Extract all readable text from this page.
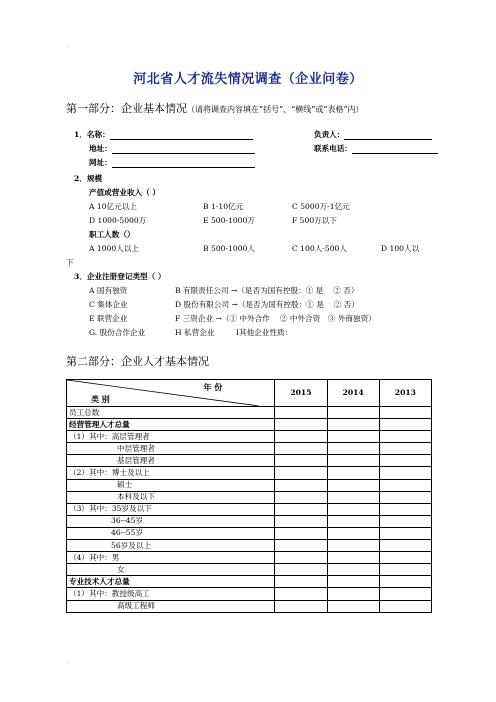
.
河北省人才流失情况调查（企业问卷）
第一部分：企业基本情况（请将调查内容填在“括号”、“横线”或“表格”内）
1．名称：	负责人：
地址：	联系电话：
网址：
2．规模
产值或营业收入（ ）
A 10亿元以上	B 1-10亿元	C 5000万-1亿元
D 1000-5000万	E 500-1000万	F 500万以下
职工人数（）
A 1000人以上	B 500-1000人	C 100人-500人	D 100人以
下
3．企业注册登记类型（ ）
A 国有独资	B 有限责任公司 →（是否为国有控股：① 是　 ② 否）
C 集体企业	D 股份有限公司 →（是否为国有控股：① 是　 ② 否）
E 联营企业	F 三资企业 →（① 中外合作　 ② 中外合资　③ 外商独资）
G. 股份合作企业	H 私营企业	I其他企业性质：
第二部分：企业人才基本情况
年 份
类 别	2015	2014	2013
员工总数			
经营管理人才总量			
（1）其中：高层管理者			
中层管理者			
基层管理者			
（2）其中：博士及以上			
硕士			
本科及以下			
（3）其中：35岁及以下			
36--45岁			
46--55岁			
56岁及以上			
（4）其中：男			
女			
专业技术人才总量			
（1）其中：教授级高工			
高级工程师			
.
